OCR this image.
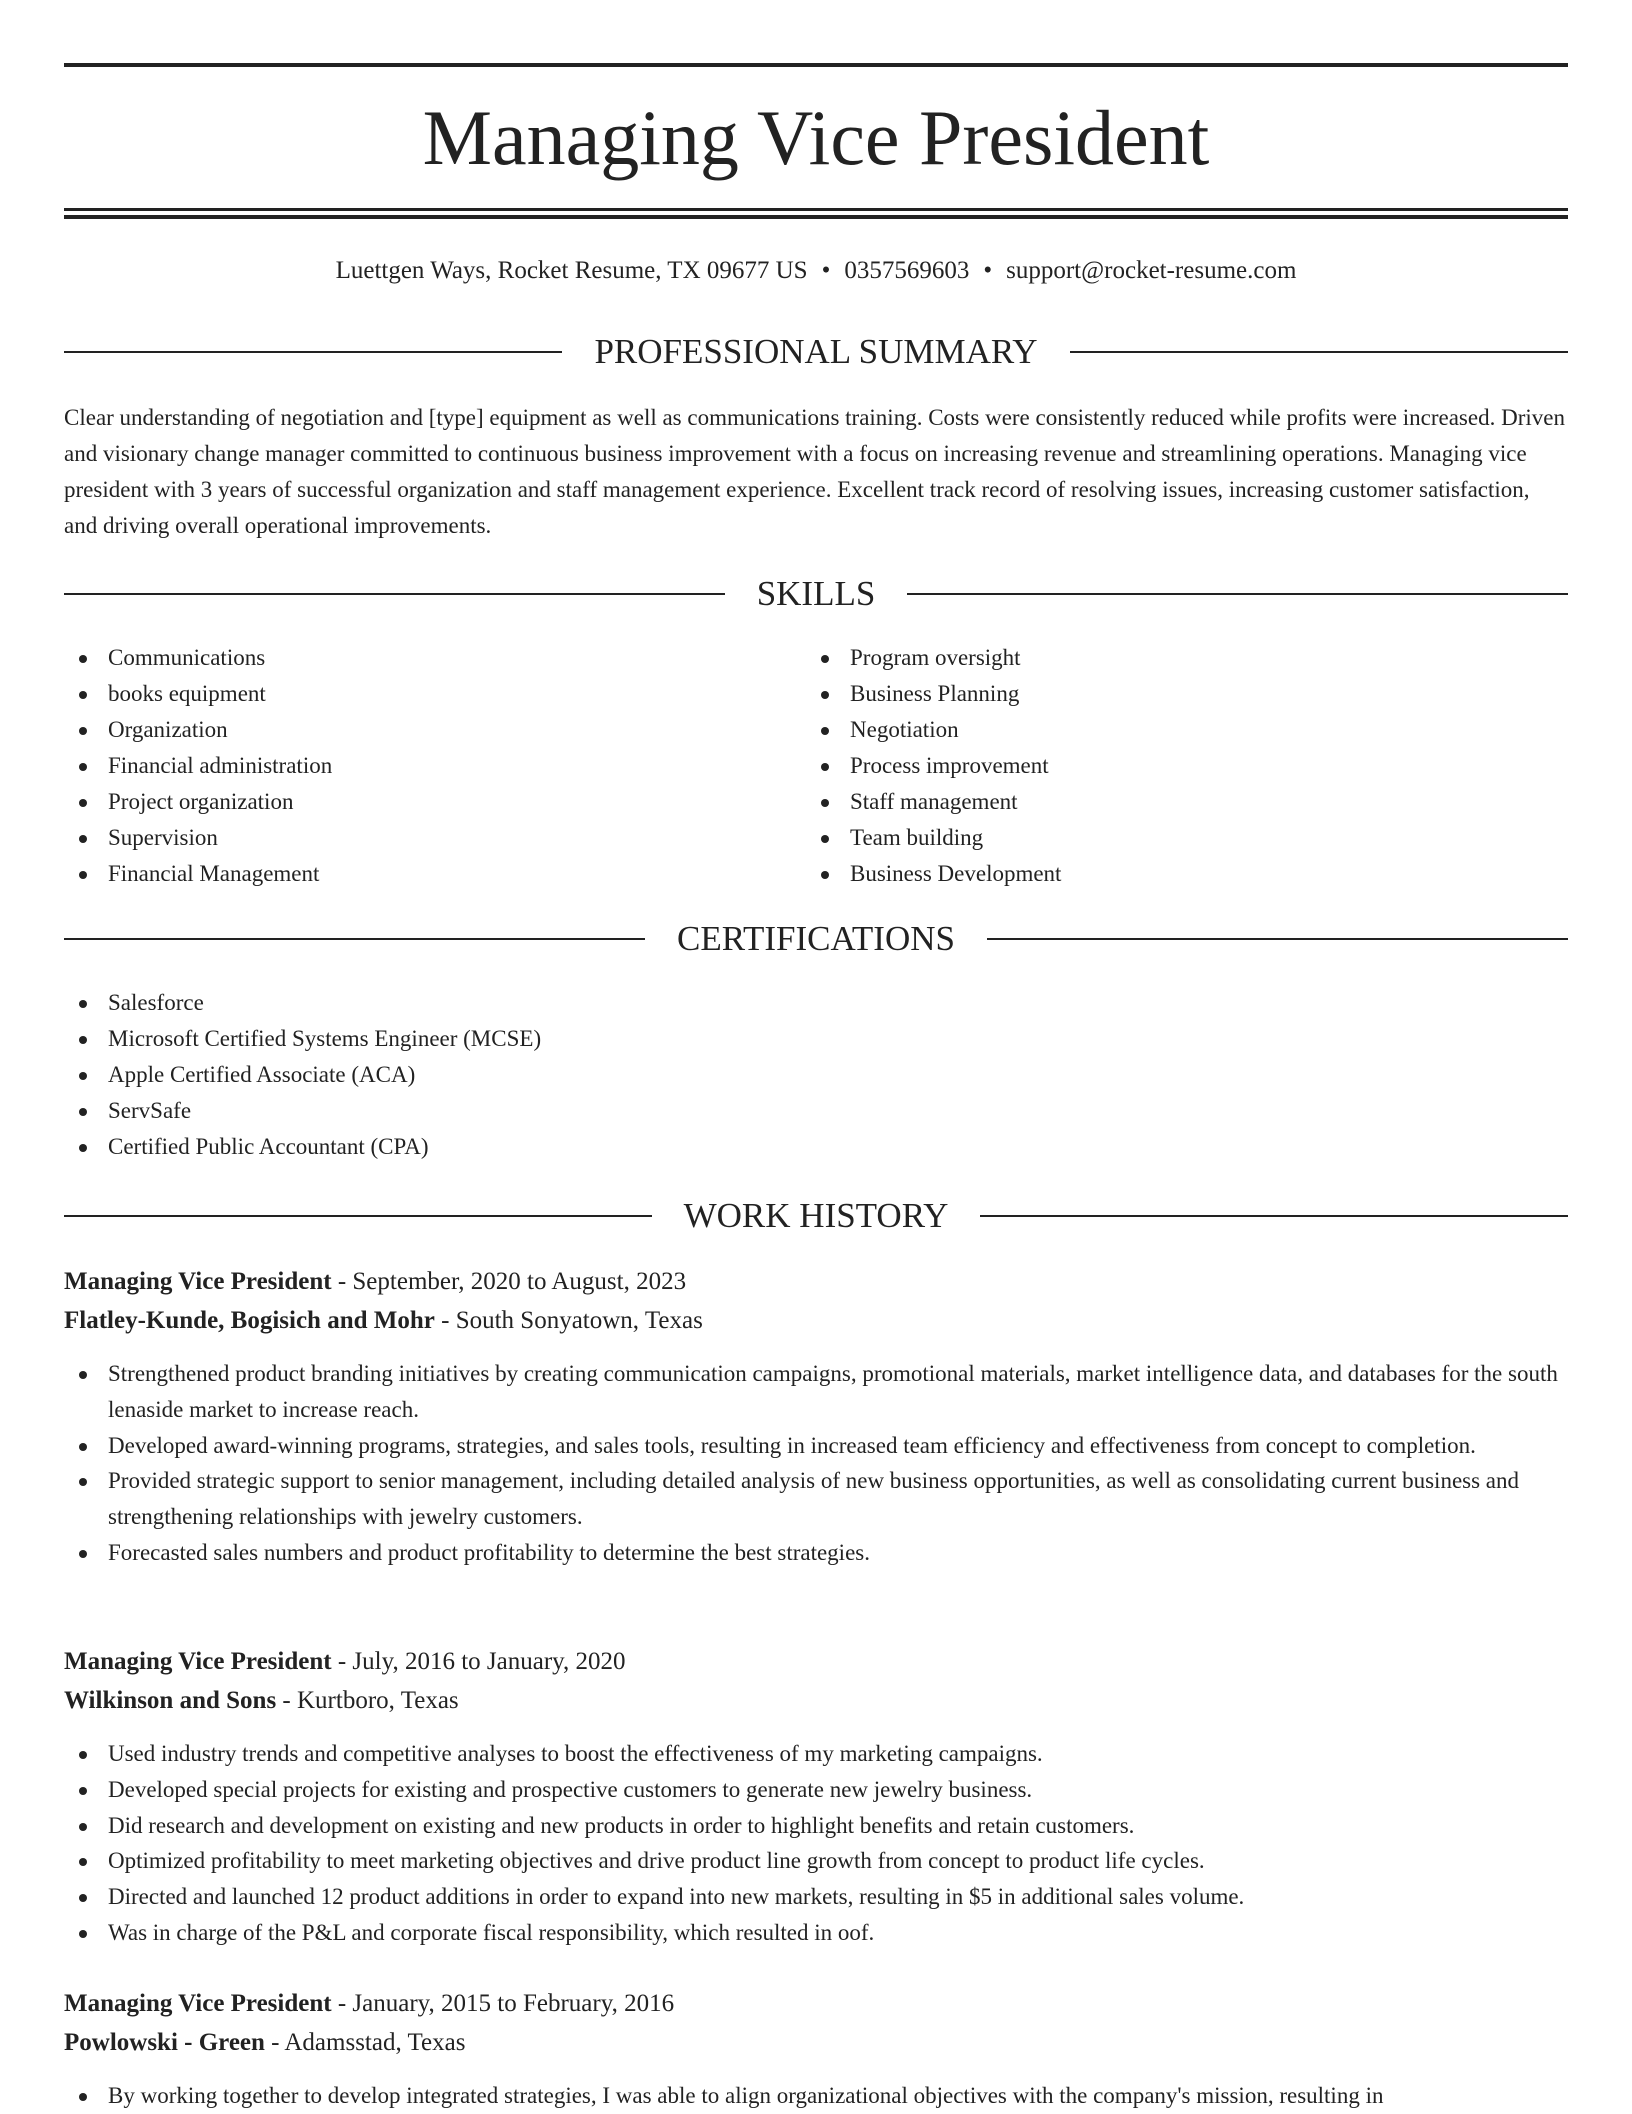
Managing Vice President
Luettgen Ways, Rocket Resume, TX 09677 US • 0357569603 • support@rocket-resume.com
PROFESSIONAL SUMMARY

Clear understanding of negotiation and [type] equipment as well as communications training. Costs were consistently reduced while profits were increased. Driven and visionary change manager committed to continuous business improvement with a focus on increasing revenue and streamlining operations. Managing vice president with 3 years of successful organization and staff management experience. Excellent track record of resolving issues, increasing customer satisfaction, and driving overall operational improvements.

SKILLS
Communications
books equipment
Organization
Financial administration
Project organization
Supervision
Financial Management
Program oversight
Business Planning
Negotiation
Process improvement
Staff management
Team building
Business Development
CERTIFICATIONS
Salesforce
Microsoft Certified Systems Engineer (MCSE)
Apple Certified Associate (ACA)
ServSafe
Certified Public Accountant (CPA)
WORK HISTORY
Managing Vice President - September, 2020 to August, 2023
Flatley-Kunde, Bogisich and Mohr - South Sonyatown, Texas
Strengthened product branding initiatives by creating communication campaigns, promotional materials, market intelligence data, and databases for the south lenaside market to increase reach.
Developed award-winning programs, strategies, and sales tools, resulting in increased team efficiency and effectiveness from concept to completion.
Provided strategic support to senior management, including detailed analysis of new business opportunities, as well as consolidating current business and strengthening relationships with jewelry customers.
Forecasted sales numbers and product profitability to determine the best strategies.
Managing Vice President - July, 2016 to January, 2020
Wilkinson and Sons - Kurtboro, Texas
Used industry trends and competitive analyses to boost the effectiveness of my marketing campaigns.
Developed special projects for existing and prospective customers to generate new jewelry business.
Did research and development on existing and new products in order to highlight benefits and retain customers.
Optimized profitability to meet marketing objectives and drive product line growth from concept to product life cycles.
Directed and launched 12 product additions in order to expand into new markets, resulting in $5 in additional sales volume.
Was in charge of the P&L and corporate fiscal responsibility, which resulted in oof.
Managing Vice President - January, 2015 to February, 2016
Powlowski - Green - Adamsstad, Texas
By working together to develop integrated strategies, I was able to align organizational objectives with the company's mission, resulting in
